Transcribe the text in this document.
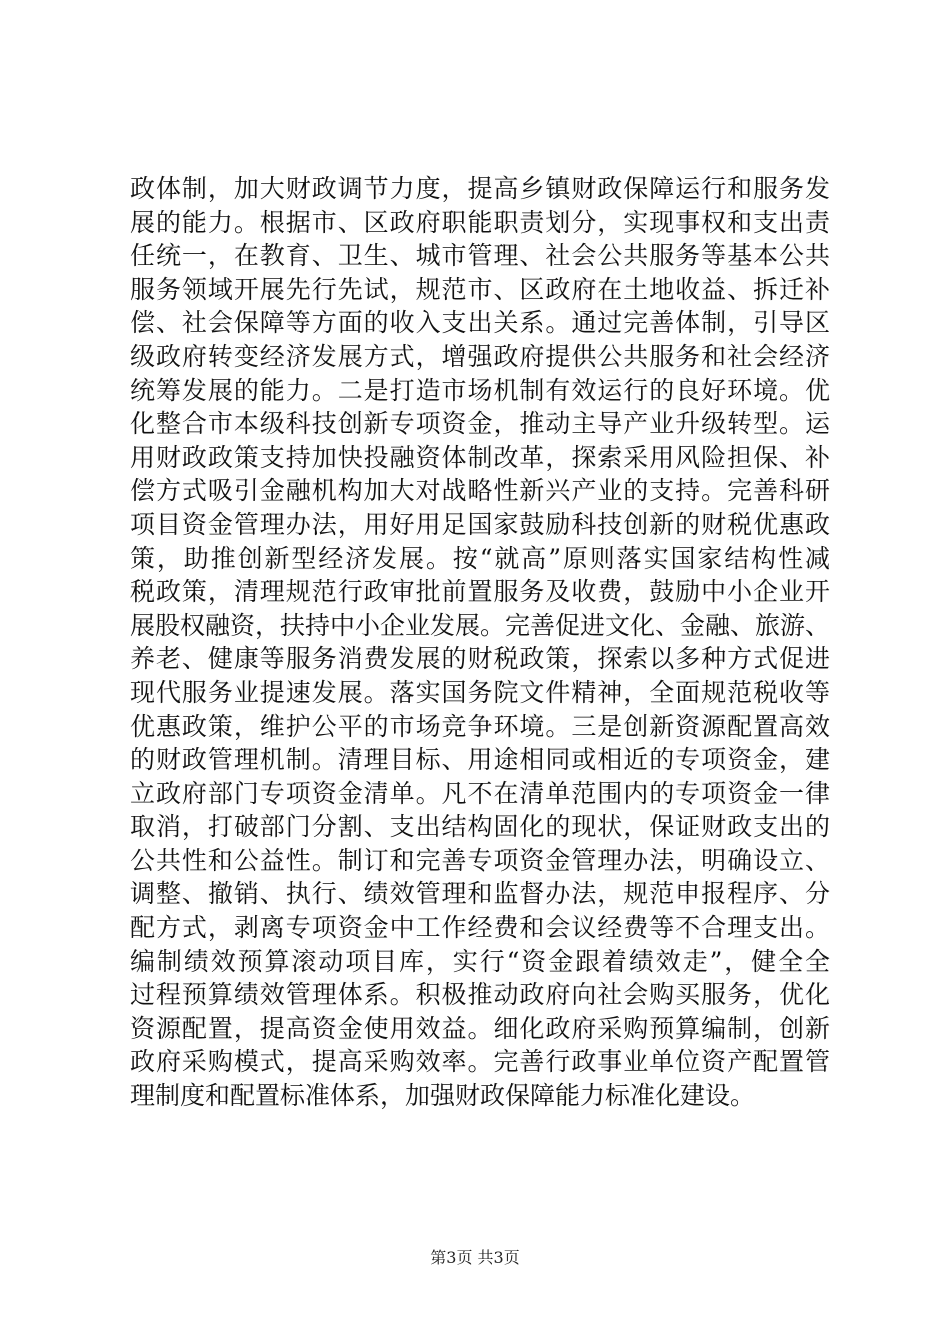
政体制，加大财政调节力度，提高乡镇财政保障运行和服务发
展的能力。根据市、区政府职能职责划分，实现事权和支出责
任统一，在教育、卫生、城市管理、社会公共服务等基本公共
服务领域开展先行先试，规范市、区政府在土地收益、拆迁补
偿、社会保障等方面的收入支出关系。通过完善体制，引导区
级政府转变经济发展方式，增强政府提供公共服务和社会经济
统筹发展的能力。二是打造市场机制有效运行的良好环境。优
化整合市本级科技创新专项资金，推动主导产业升级转型。运
用财政政策支持加快投融资体制改革，探索采用风险担保、补
偿方式吸引金融机构加大对战略性新兴产业的支持。完善科研
项目资金管理办法，用好用足国家鼓励科技创新的财税优惠政
策，助推创新型经济发展。按“就高”原则落实国家结构性减
税政策，清理规范行政审批前置服务及收费，鼓励中小企业开
展股权融资，扶持中小企业发展。完善促进文化、金融、旅游、
养老、健康等服务消费发展的财税政策，探索以多种方式促进
现代服务业提速发展。落实国务院文件精神，全面规范税收等
优惠政策，维护公平的市场竞争环境。三是创新资源配置高效
的财政管理机制。清理目标、用途相同或相近的专项资金，建
立政府部门专项资金清单。凡不在清单范围内的专项资金一律
取消，打破部门分割、支出结构固化的现状，保证财政支出的
公共性和公益性。制订和完善专项资金管理办法，明确设立、
调整、撤销、执行、绩效管理和监督办法，规范申报程序、分
配方式，剥离专项资金中工作经费和会议经费等不合理支出。
编制绩效预算滚动项目库，实行“资金跟着绩效走”，健全全
过程预算绩效管理体系。积极推动政府向社会购买服务，优化
资源配置，提高资金使用效益。细化政府采购预算编制，创新
政府采购模式，提高采购效率。完善行政事业单位资产配置管
理制度和配置标准体系，加强财政保障能力标准化建设。
第3页 共3页
